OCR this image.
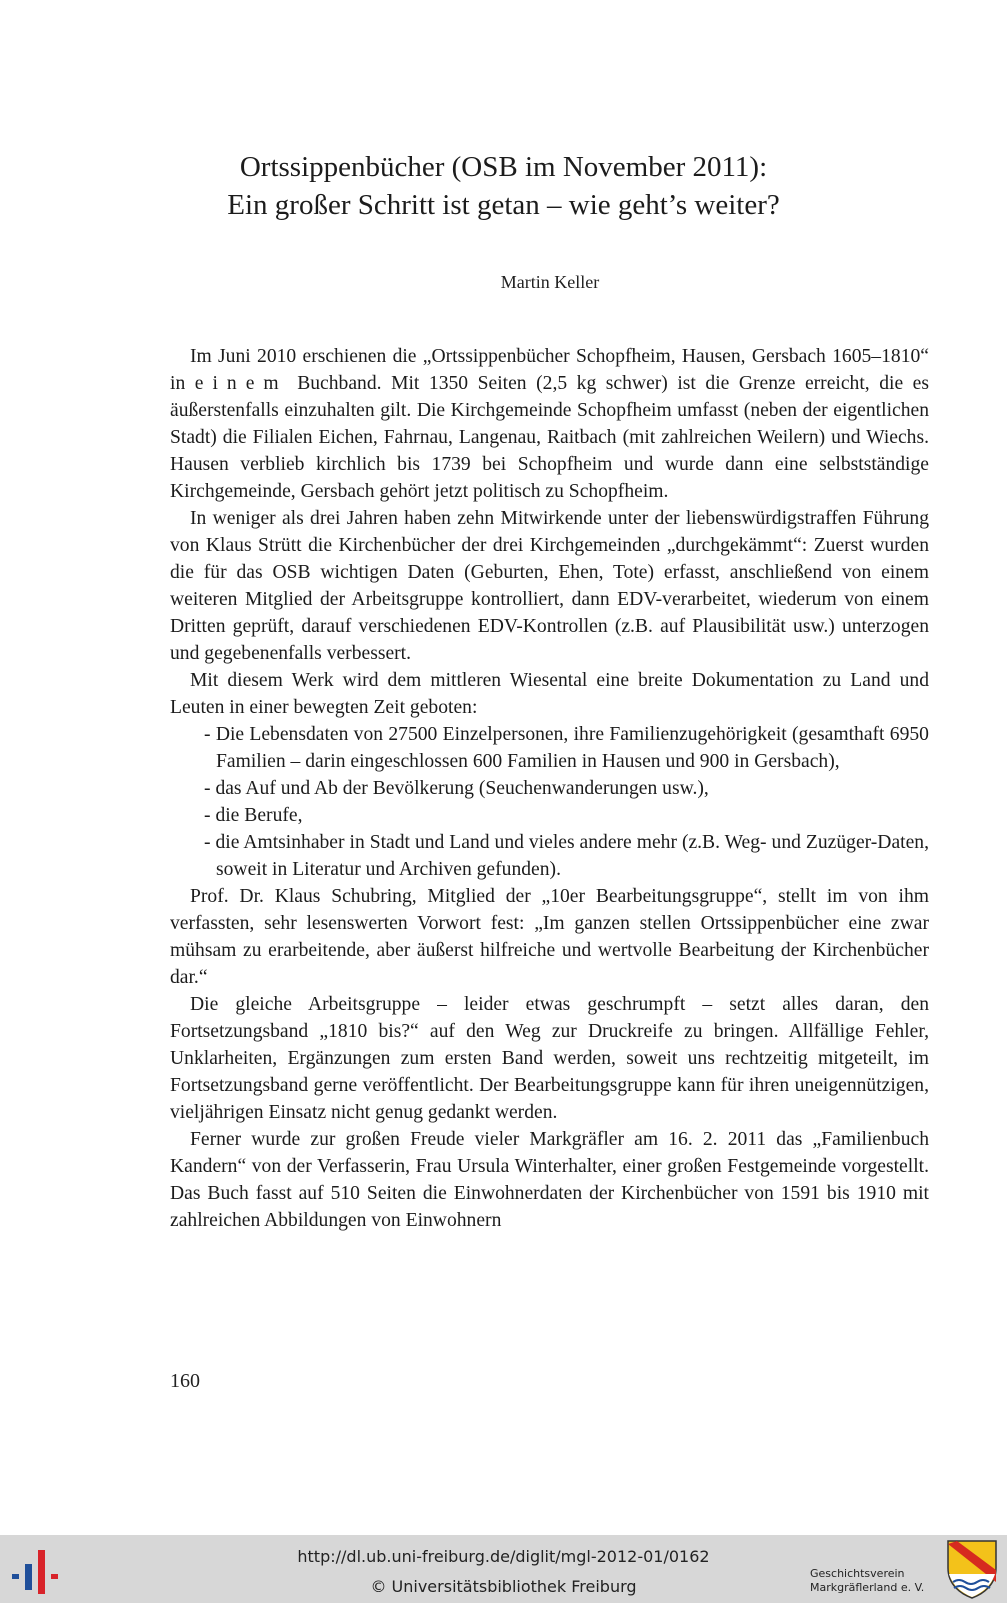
Ortssippenbücher (OSB im November 2011):
Ein großer Schritt ist getan – wie geht’s weiter?
Martin Keller

Im Juni 2010 erschienen die „Ortssippenbücher Schopfheim, Hausen, Gersbach 1605–1810“ in einem Buchband. Mit 1350 Seiten (2,5 kg schwer) ist die Grenze erreicht, die es äußerstenfalls einzuhalten gilt. Die Kirchgemeinde Schopfheim umfasst (neben der eigentlichen Stadt) die Filialen Eichen, Fahrnau, Langenau, Raitbach (mit zahlreichen Weilern) und Wiechs. Hausen verblieb kirchlich bis 1739 bei Schopfheim und wurde dann eine selbstständige Kirchgemeinde, Gersbach gehört jetzt politisch zu Schopfheim.

In weniger als drei Jahren haben zehn Mitwirkende unter der liebenswürdigstraffen Führung von Klaus Strütt die Kirchenbücher der drei Kirchgemeinden „durchgekämmt“: Zuerst wurden die für das OSB wichtigen Daten (Geburten, Ehen, Tote) erfasst, anschließend von einem weiteren Mitglied der Arbeitsgruppe kontrolliert, dann EDV-verarbeitet, wiederum von einem Dritten geprüft, darauf verschiedenen EDV-Kontrollen (z.B. auf Plausibilität usw.) unterzogen und gegebenenfalls verbessert.

Mit diesem Werk wird dem mittleren Wiesental eine breite Dokumentation zu Land und Leuten in einer bewegten Zeit geboten:

- Die Lebensdaten von 27500 Einzelpersonen, ihre Familienzugehörigkeit (gesamthaft 6950 Familien – darin eingeschlossen 600 Familien in Hausen und 900 in Gersbach),
- das Auf und Ab der Bevölkerung (Seuchenwanderungen usw.),
- die Berufe,
- die Amtsinhaber in Stadt und Land und vieles andere mehr (z.B. Weg- und Zuzüger-Daten, soweit in Literatur und Archiven gefunden).

Prof. Dr. Klaus Schubring, Mitglied der „10er Bearbeitungsgruppe“, stellt im von ihm verfassten, sehr lesenswerten Vorwort fest: „Im ganzen stellen Ortssippenbücher eine zwar mühsam zu erarbeitende, aber äußerst hilfreiche und wertvolle Bearbeitung der Kirchenbücher dar.“

Die gleiche Arbeitsgruppe – leider etwas geschrumpft – setzt alles daran, den Fortsetzungsband „1810 bis?“ auf den Weg zur Druckreife zu bringen. Allfällige Fehler, Unklarheiten, Ergänzungen zum ersten Band werden, soweit uns rechtzeitig mitgeteilt, im Fortsetzungsband gerne veröffentlicht. Der Bearbeitungsgruppe kann für ihren uneigennützigen, vieljährigen Einsatz nicht genug gedankt werden.

Ferner wurde zur großen Freude vieler Markgräfler am 16. 2. 2011 das „Familienbuch Kandern“ von der Verfasserin, Frau Ursula Winterhalter, einer großen Festgemeinde vorgestellt. Das Buch fasst auf 510 Seiten die Einwohnerdaten der Kirchenbücher von 1591 bis 1910 mit zahlreichen Abbildungen von Einwohnern

160
http://dl.ub.uni-freiburg.de/diglit/mgl-2012-01/0162
© Universitätsbibliothek Freiburg
Geschichtsverein
Markgräflerland e. V.
